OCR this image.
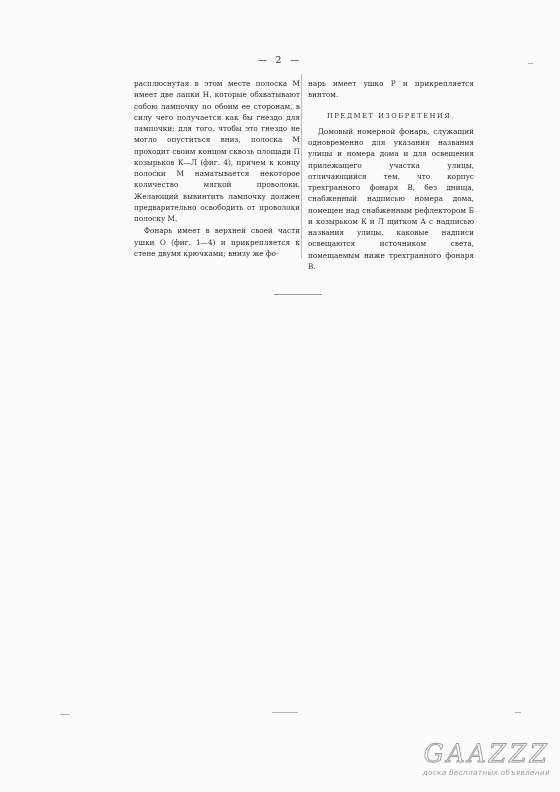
— 2 —

расплюснутая в этом месте полоска М имеет две лапки Н, которые обхватывают собою лампочку по обоим ее сторонам, в силу чего получается как бы гнездо для лампочки; для того, чтобы это гнездо не могло опуститься вниз, полоска М проходит своим концом сквозь площади П козырьков К—Л (фиг. 4), причем к концу полоски М наматывается некоторое количество мягкой проволоки. Желающий вывинтить лампочку должен предварительно освободить от проволоки полоску М.

Фонарь имеет в верхней своей части ушки О (фиг. 1—4) и прикрепляется к стене двумя крючками; внизу же фо-

нарь имеет ушко Р и прикрепляется винтом.

ПРЕДМЕТ ИЗОБРЕТЕНИЯ.

Домовый номерной фонарь, служащий одновременно для указания названия улицы и номера дома и для освещения прилежащего участка улицы, отличающийся тем, что корпус трехгранного фонаря В, без днища, снабженный надписью номера дома, помещен над снабженным рефлектором Б и козырьком К и Л щитком А с надписью названия улицы, каковые надписи освещаются источником света, помещаемым ниже трехгранного фонаря В.

GAAZZZ
доска бесплатных объявлений
